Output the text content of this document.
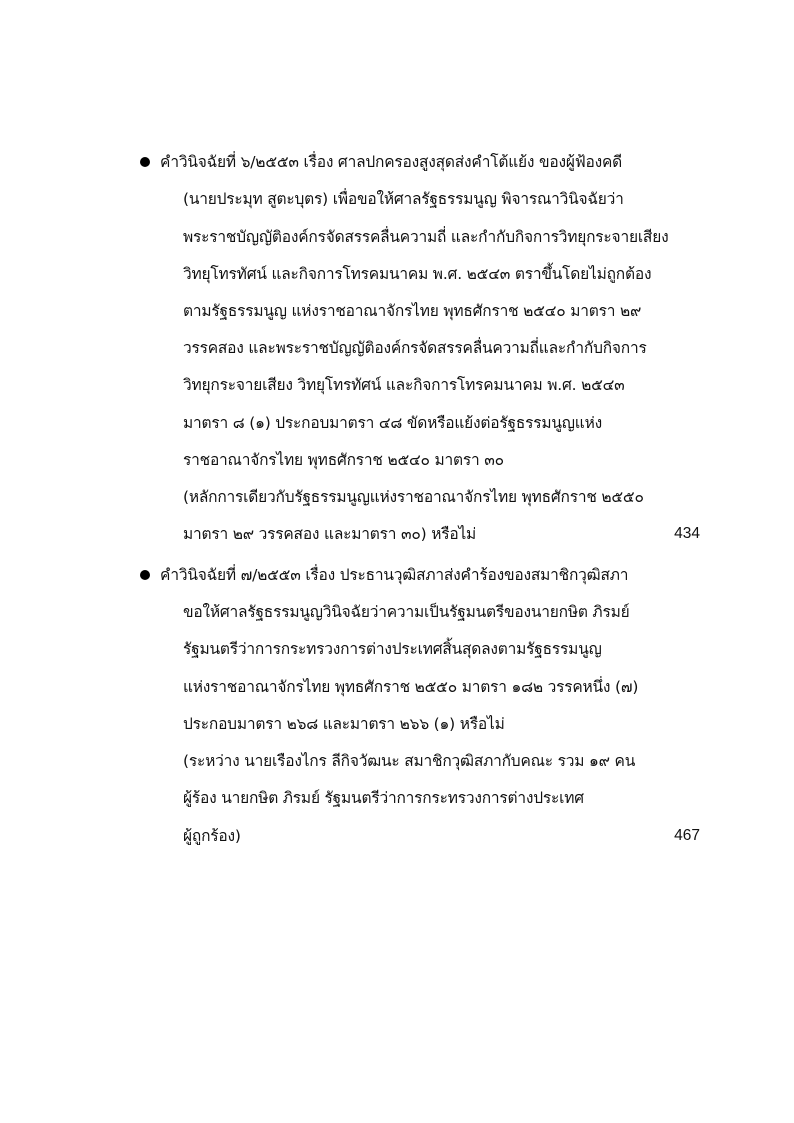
คำวินิจฉัยที่ ๖/๒๕๕๓ เรื่อง ศาลปกครองสูงสุดส่งคำโต้แย้ง ของผู้ฟ้องคดี
(นายประมุท สูตะบุตร) เพื่อขอให้ศาลรัฐธรรมนูญ พิจารณาวินิจฉัยว่า
พระราชบัญญัติองค์กรจัดสรรคลื่นความถี่ และกำกับกิจการวิทยุกระจายเสียง
วิทยุโทรทัศน์ และกิจการโทรคมนาคม พ.ศ. ๒๕๔๓ ตราขึ้นโดยไม่ถูกต้อง
ตามรัฐธรรมนูญ แห่งราชอาณาจักรไทย พุทธศักราช ๒๕๔๐ มาตรา ๒๙
วรรคสอง และพระราชบัญญัติองค์กรจัดสรรคลื่นความถี่และกำกับกิจการ
วิทยุกระจายเสียง วิทยุโทรทัศน์ และกิจการโทรคมนาคม พ.ศ. ๒๕๔๓
มาตรา ๘ (๑) ประกอบมาตรา ๔๘ ขัดหรือแย้งต่อรัฐธรรมนูญแห่ง
ราชอาณาจักรไทย พุทธศักราช ๒๕๔๐ มาตรา ๓๐
(หลักการเดียวกับรัฐธรรมนูญแห่งราชอาณาจักรไทย พุทธศักราช ๒๕๕๐
มาตรา ๒๙ วรรคสอง และมาตรา ๓๐) หรือไม่	434
คำวินิจฉัยที่ ๗/๒๕๕๓ เรื่อง ประธานวุฒิสภาส่งคำร้องของสมาชิกวุฒิสภา
ขอให้ศาลรัฐธรรมนูญวินิจฉัยว่าความเป็นรัฐมนตรีของนายกษิต ภิรมย์
รัฐมนตรีว่าการกระทรวงการต่างประเทศสิ้นสุดลงตามรัฐธรรมนูญ
แห่งราชอาณาจักรไทย พุทธศักราช ๒๕๕๐ มาตรา ๑๘๒ วรรคหนึ่ง (๗)
ประกอบมาตรา ๒๖๘ และมาตรา ๒๖๖ (๑) หรือไม่
(ระหว่าง นายเรืองไกร ลีกิจวัฒนะ สมาชิกวุฒิสภากับคณะ รวม ๑๙ คน
ผู้ร้อง นายกษิต ภิรมย์ รัฐมนตรีว่าการกระทรวงการต่างประเทศ
ผู้ถูกร้อง)	467
